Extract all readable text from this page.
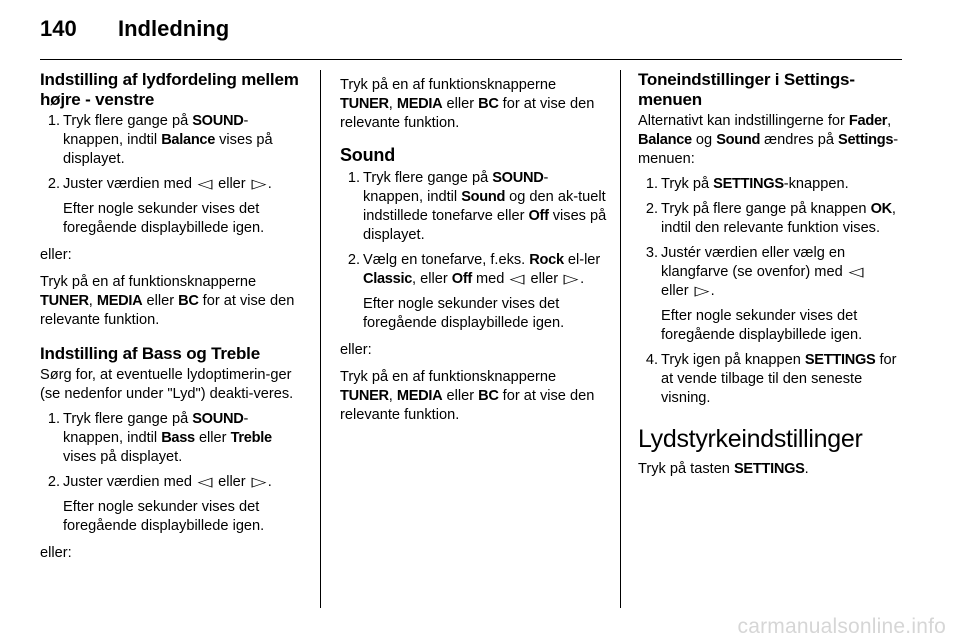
140 Indledning
Indstilling af lydfordeling mellem højre - venstre
1. Tryk flere gange på SOUND-knappen, indtil Balance vises på displayet.
2. Juster værdien med ◁ eller ▷ .
Efter nogle sekunder vises det foregående displaybillede igen.

eller:

Tryk på en af funktionsknapperne TUNER, MEDIA eller BC for at vise den relevante funktion.

Indstilling af Bass og Treble

Sørg for, at eventuelle lydoptimerin-ger (se nedenfor under "Lyd") deakti-veres.

1. Tryk flere gange på SOUND-knappen, indtil Bass eller Treble vises på displayet.
2. Juster værdien med ◁ eller ▷ .
Efter nogle sekunder vises det foregående displaybillede igen.

eller:

Tryk på en af funktionsknapperne TUNER, MEDIA eller BC for at vise den relevante funktion.

Sound
1. Tryk flere gange på SOUND-knappen, indtil Sound og den ak-tuelt indstillede tonefarve eller Off vises på displayet.
2. Vælg en tonefarve, f.eks. Rock el-ler Classic, eller Off med ◁ eller ▷ .
Efter nogle sekunder vises det foregående displaybillede igen.

eller:

Tryk på en af funktionsknapperne TUNER, MEDIA eller BC for at vise den relevante funktion.

Toneindstillinger i Settings-menuen

Alternativt kan indstillingerne for Fader, Balance og Sound ændres på Settings-menuen:

1. Tryk på SETTINGS-knappen.
2. Tryk på flere gange på knappen OK, indtil den relevante funktion vises.
3. Justér værdien eller vælg en klangfarve (se ovenfor) med ◁
eller ▷ .
Efter nogle sekunder vises det foregående displaybillede igen.
4. Tryk igen på knappen SETTINGS for at vende tilbage til den seneste visning.
Lydstyrkeindstillinger

Tryk på tasten SETTINGS.

carmanualsonline.info
